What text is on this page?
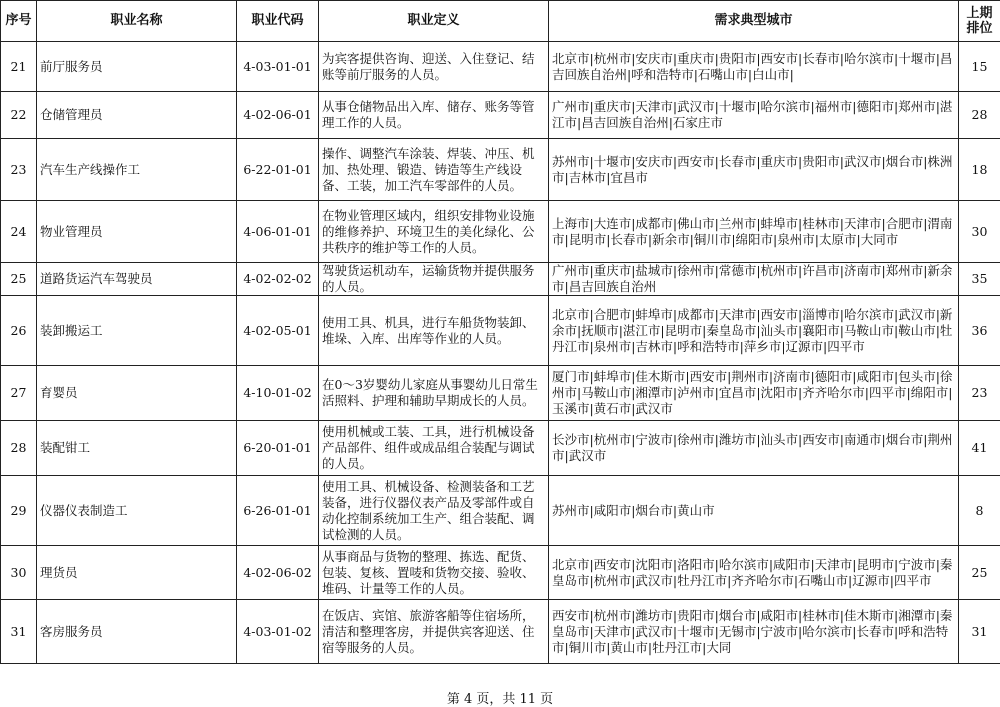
序号	职业名称	职业代码	职业定义	需求典型城市	上期排位
21	前厅服务员	4-03-01-01	为宾客提供咨询、迎送、入住登记、结账等前厅服务的人员。	北京市|杭州市|安庆市|重庆市|贵阳市|西安市|长春市|哈尔滨市|十堰市|昌吉回族自治州|呼和浩特市|石嘴山市|白山市|	15
22	仓储管理员	4-02-06-01	从事仓储物品出入库、储存、账务等管理工作的人员。	广州市|重庆市|天津市|武汉市|十堰市|哈尔滨市|福州市|德阳市|郑州市|湛江市|昌吉回族自治州|石家庄市	28
23	汽车生产线操作工	6-22-01-01	操作、调整汽车涂装、焊装、冲压、机加、热处理、锻造、铸造等生产线设备、工装，加工汽车零部件的人员。	苏州市|十堰市|安庆市|西安市|长春市|重庆市|贵阳市|武汉市|烟台市|株洲市|吉林市|宜昌市	18
24	物业管理员	4-06-01-01	在物业管理区域内，组织安排物业设施的维修养护、环境卫生的美化绿化、公共秩序的维护等工作的人员。	上海市|大连市|成都市|佛山市|兰州市|蚌埠市|桂林市|天津市|合肥市|渭南市|昆明市|长春市|新余市|铜川市|绵阳市|泉州市|太原市|大同市	30
25	道路货运汽车驾驶员	4-02-02-02	驾驶货运机动车，运输货物并提供服务的人员。	广州市|重庆市|盐城市|徐州市|常德市|杭州市|许昌市|济南市|郑州市|新余市|昌吉回族自治州	35
26	装卸搬运工	4-02-05-01	使用工具、机具，进行车船货物装卸、堆垛、入库、出库等作业的人员。	北京市|合肥市|蚌埠市|成都市|天津市|西安市|淄博市|哈尔滨市|武汉市|新余市|抚顺市|湛江市|昆明市|秦皇岛市|汕头市|襄阳市|马鞍山市|鞍山市|牡丹江市|泉州市|吉林市|呼和浩特市|萍乡市|辽源市|四平市	36
27	育婴员	4-10-01-02	在0～3岁婴幼儿家庭从事婴幼儿日常生活照料、护理和辅助早期成长的人员。	厦门市|蚌埠市|佳木斯市|西安市|荆州市|济南市|德阳市|咸阳市|包头市|徐州市|马鞍山市|湘潭市|泸州市|宜昌市|沈阳市|齐齐哈尔市|四平市|绵阳市|玉溪市|黄石市|武汉市	23
28	装配钳工	6-20-01-01	使用机械或工装、工具，进行机械设备产品部件、组件或成品组合装配与调试的人员。	长沙市|杭州市|宁波市|徐州市|潍坊市|汕头市|西安市|南通市|烟台市|荆州市|武汉市	41
29	仪器仪表制造工	6-26-01-01	使用工具、机械设备、检测装备和工艺装备，进行仪器仪表产品及零部件或自动化控制系统加工生产、组合装配、调试检测的人员。	苏州市|咸阳市|烟台市|黄山市	8
30	理货员	4-02-06-02	从事商品与货物的整理、拣选、配货、包装、复核、置唛和货物交接、验收、堆码、计量等工作的人员。	北京市|西安市|沈阳市|洛阳市|哈尔滨市|咸阳市|天津市|昆明市|宁波市|秦皇岛市|杭州市|武汉市|牡丹江市|齐齐哈尔市|石嘴山市|辽源市|四平市	25
31	客房服务员	4-03-01-02	在饭店、宾馆、旅游客船等住宿场所，清洁和整理客房，并提供宾客迎送、住宿等服务的人员。	西安市|杭州市|潍坊市|贵阳市|烟台市|咸阳市|桂林市|佳木斯市|湘潭市|秦皇岛市|天津市|武汉市|十堰市|无锡市|宁波市|哈尔滨市|长春市|呼和浩特市|铜川市|黄山市|牡丹江市|大同	31
第 4 页，共 11 页
